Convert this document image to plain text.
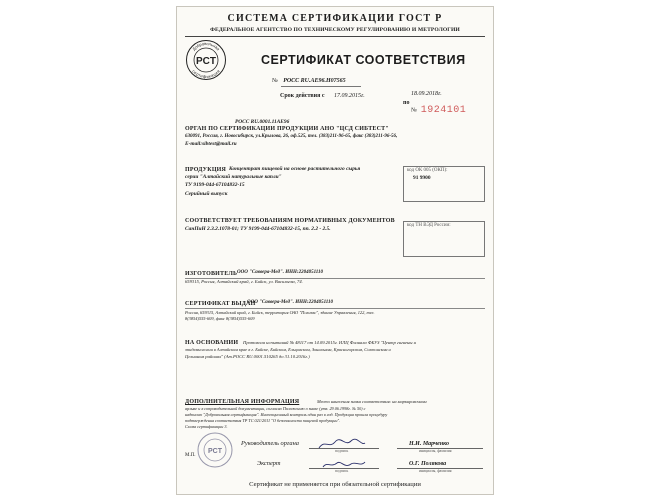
СИСТЕМА СЕРТИФИКАЦИИ ГОСТ Р
ФЕДЕРАЛЬНОЕ АГЕНТСТВО ПО ТЕХНИЧЕСКОМУ РЕГУЛИРОВАНИЮ И МЕТРОЛОГИИ
Добровольная
сертификация
PCT	СЕРТИФИКАТ СООТВЕТСТВИЯ
№ РОСС RU.AE96.H07565
Срок действия с 17.09.2015г.	18.09.2018г.
по
№ 1924101
РОСС RU.0001.11AE96
ОРГАН ПО СЕРТИФИКАЦИИ ПРОДУКЦИИ АНО "ЦСД СИБТЕСТ"
630091, Россия, г. Новосибирск, ул.Крылова, 26, оф.525, тел. (383)211-96-65, факс (383)211-96-56,
E-mail:sibtest@mail.ru
ПРОДУКЦИЯ Концентрат пищевой на основе растительного сырья
серии "Алтайский натуральные капли"
ТУ 9199-044-67104832-15
Серийный выпуск
код ОК 005 (ОКП):
91 9900
СООТВЕТСТВУЕТ ТРЕБОВАНИЯМ НОРМАТИВНЫХ ДОКУМЕНТОВ
СанПиН 2.3.2.1078-01; ТУ 9199-044-67104832-15, пп. 2.2 - 2.5.
код ТН ВЭД России:
ИЗГОТОВИТЕЛЬ ООО "Саввера-Мед". ИНН:2204051110
659315, Россия, Алтайский край, г. Бийск, ул. Васильева, 74.
СЕРТИФИКАТ ВЫДАН
ООО "Саввера-Мед". ИНН:2204051110
Россия, 659315, Алтайский край, г. Бийск, территория ОАО "Полиэкс", здание Управления, 122, тел.
8(3854)555-609, факс 8(3854)555-609
НА ОСНОВАНИИ Протокола испытаний № 48117 от 14.09.2015г. ИЛЦ Филиала ФБУЗ "Центр гигиены и
эпидемиологии в Алтайском крае в г. Бийске, Бийском, Ельцовском, Зональном, Красногорском, Солтонском и
Целинном районах" (Ат.РОСС RU.0001.510265 до 31.10.2016г.)
ДОПОЛНИТЕЛЬНАЯ ИНФОРМАЦИЯ	Место нанесения знака соответствия: на маркировочном
ярлыке и в сопроводительной документации, согласно Положению о знаке (утв. 29.06.1998г. № 50) с
надписью "Добровольная сертификация". Инспекционный контроль один раз в год. Продукция прошла процедуру
подтверждения соответствия ТР ТС 021/2011 "О безопасности пищевой продукции".
Схема сертификации 3.
PCT
М.П.
Руководитель органа	Н.И. Марченко
подпись	инициалы, фамилия
Эксперт	О.Г. Полякова
подпись	инициалы, фамилия
Сертификат не применяется при обязательной сертификации
